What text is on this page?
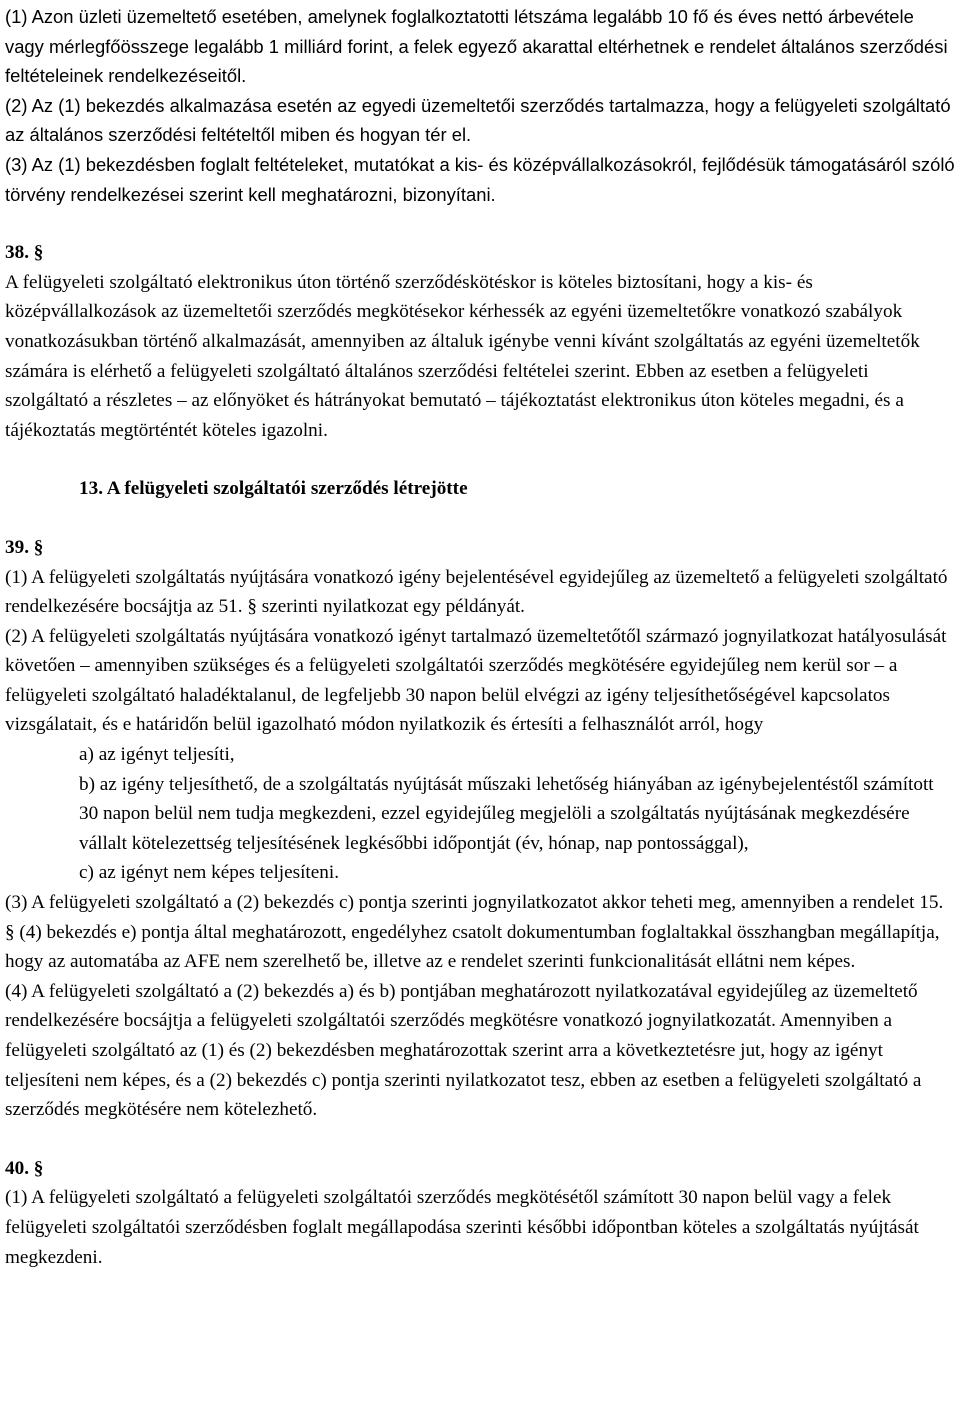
(1) Azon üzleti üzemeltető esetében, amelynek foglalkoztatotti létszáma legalább 10 fő és éves nettó árbevétele vagy mérlegfőösszege legalább 1 milliárd forint, a felek egyező akarattal eltérhetnek e rendelet általános szerződési feltételeinek rendelkezéseitől.

(2) Az (1) bekezdés alkalmazása esetén az egyedi üzemeltetői szerződés tartalmazza, hogy a felügyeleti szolgáltató az általános szerződési feltételtől miben és hogyan tér el.

(3) Az (1) bekezdésben foglalt feltételeket, mutatókat a kis- és középvállalkozásokról, fejlődésük támogatásáról szóló törvény rendelkezései szerint kell meghatározni, bizonyítani.

38. §

A felügyeleti szolgáltató elektronikus úton történő szerződéskötéskor is köteles biztosítani, hogy a kis- és középvállalkozások az üzemeltetői szerződés megkötésekor kérhessék az egyéni üzemeltetőkre vonatkozó szabályok vonatkozásukban történő alkalmazását, amennyiben az általuk igénybe venni kívánt szolgáltatás az egyéni üzemeltetők számára is elérhető a felügyeleti szolgáltató általános szerződési feltételei szerint. Ebben az esetben a felügyeleti szolgáltató a részletes – az előnyöket és hátrányokat bemutató – tájékoztatást elektronikus úton köteles megadni, és a tájékoztatás megtörténtét köteles igazolni.

13. A felügyeleti szolgáltatói szerződés létrejötte

39. §

(1) A felügyeleti szolgáltatás nyújtására vonatkozó igény bejelentésével egyidejűleg az üzemeltető a felügyeleti szolgáltató rendelkezésére bocsájtja az 51. § szerinti nyilatkozat egy példányát.

(2) A felügyeleti szolgáltatás nyújtására vonatkozó igényt tartalmazó üzemeltetőtől származó jognyilatkozat hatályosulását követően – amennyiben szükséges és a felügyeleti szolgáltatói szerződés megkötésére egyidejűleg nem kerül sor – a felügyeleti szolgáltató haladéktalanul, de legfeljebb 30 napon belül elvégzi az igény teljesíthetőségével kapcsolatos vizsgálatait, és e határidőn belül igazolható módon nyilatkozik és értesíti a felhasználót arról, hogy

a) az igényt teljesíti,

b) az igény teljesíthető, de a szolgáltatás nyújtását műszaki lehetőség hiányában az igénybejelentéstől számított 30 napon belül nem tudja megkezdeni, ezzel egyidejűleg megjelöli a szolgáltatás nyújtásának megkezdésére vállalt kötelezettség teljesítésének legkésőbbi időpontját (év, hónap, nap pontossággal),

c) az igényt nem képes teljesíteni.

(3) A felügyeleti szolgáltató a (2) bekezdés c) pontja szerinti jognyilatkozatot akkor teheti meg, amennyiben a rendelet 15. § (4) bekezdés e) pontja által meghatározott, engedélyhez csatolt dokumentumban foglaltakkal összhangban megállapítja, hogy az automatába az AFE nem szerelhető be, illetve az e rendelet szerinti funkcionalitását ellátni nem képes.

(4) A felügyeleti szolgáltató a (2) bekezdés a) és b) pontjában meghatározott nyilatkozatával egyidejűleg az üzemeltető rendelkezésére bocsájtja a felügyeleti szolgáltatói szerződés megkötésre vonatkozó jognyilatkozatát. Amennyiben a felügyeleti szolgáltató az (1) és (2) bekezdésben meghatározottak szerint arra a következtetésre jut, hogy az igényt teljesíteni nem képes, és a (2) bekezdés c) pontja szerinti nyilatkozatot tesz, ebben az esetben a felügyeleti szolgáltató a szerződés megkötésére nem kötelezhető.

40. §

(1) A felügyeleti szolgáltató a felügyeleti szolgáltatói szerződés megkötésétől számított 30 napon belül vagy a felek felügyeleti szolgáltatói szerződésben foglalt megállapodása szerinti későbbi időpontban köteles a szolgáltatás nyújtását megkezdeni.
